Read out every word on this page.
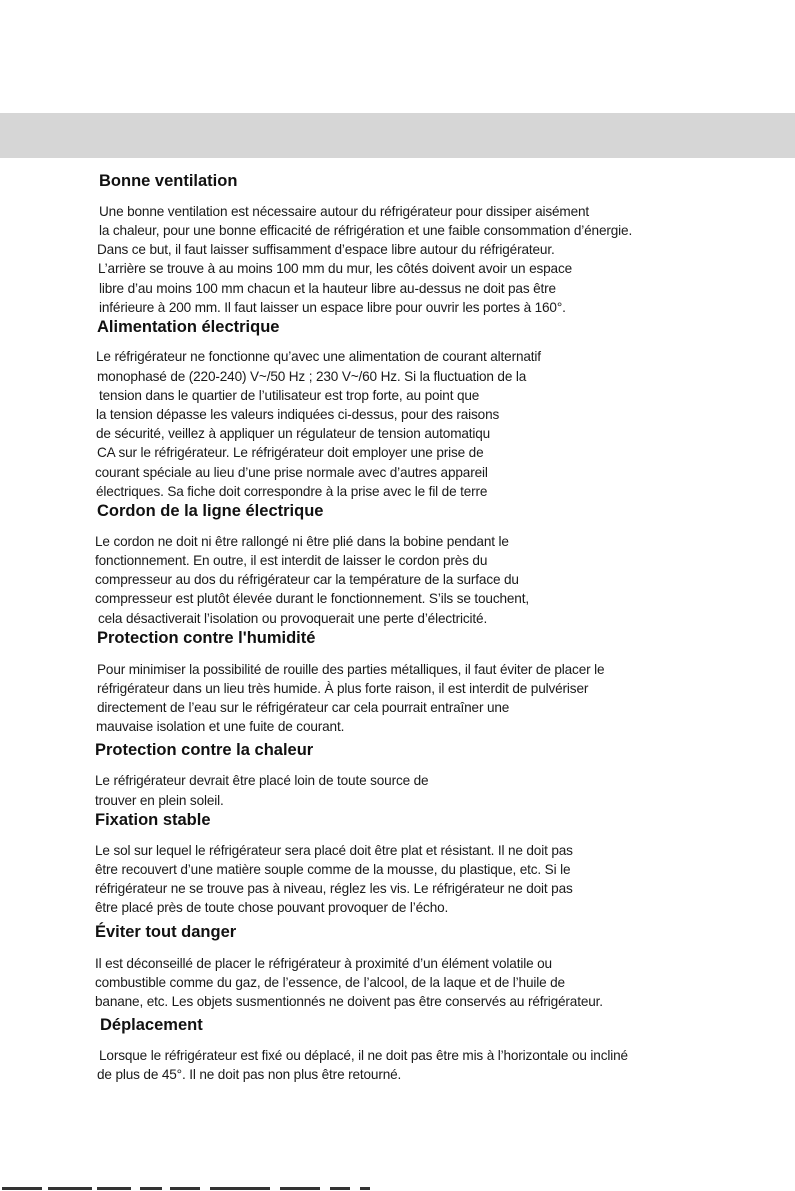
Bonne ventilation
Une bonne ventilation est nécessaire autour du réfrigérateur pour dissiper aisément
la chaleur, pour une bonne efficacité de réfrigération et une faible consommation d’énergie.
Dans ce but, il faut laisser suffisamment d’espace libre autour du réfrigérateur.
L’arrière se trouve à au moins 100 mm du mur, les côtés doivent avoir un espace
libre d’au moins 100 mm chacun et la hauteur libre au-dessus ne doit pas être
inférieure à 200 mm. Il faut laisser un espace libre pour ouvrir les portes à 160°.
Alimentation électrique
Le réfrigérateur ne fonctionne qu’avec une alimentation de courant alternatif
monophasé de (220-240) V~/50 Hz ; 230 V~/60 Hz. Si la fluctuation de la
tension dans le quartier de l’utilisateur est trop forte, au point que
la tension dépasse les valeurs indiquées ci-dessus, pour des raisons
de sécurité, veillez à appliquer un régulateur de tension automatiqu
CA sur le réfrigérateur. Le réfrigérateur doit employer une prise de
courant spéciale au lieu d’une prise normale avec d’autres appareil
électriques. Sa fiche doit correspondre à la prise avec le fil de terre
Cordon de la ligne électrique
Le cordon ne doit ni être rallongé ni être plié dans la bobine pendant le
fonctionnement. En outre, il est interdit de laisser le cordon près du
compresseur au dos du réfrigérateur car la température de la surface du
compresseur est plutôt élevée durant le fonctionnement. S’ils se touchent,
cela désactiverait l’isolation ou provoquerait une perte d’électricité.
Protection contre l'humidité
Pour minimiser la possibilité de rouille des parties métalliques, il faut éviter de placer le
réfrigérateur dans un lieu très humide. À plus forte raison, il est interdit de pulvériser
directement de l’eau sur le réfrigérateur car cela pourrait entraîner une
mauvaise isolation et une fuite de courant.
Protection contre la chaleur
Le réfrigérateur devrait être placé loin de toute source de
trouver en plein soleil.
Fixation stable
Le sol sur lequel le réfrigérateur sera placé doit être plat et résistant. Il ne doit pas
être recouvert d’une matière souple comme de la mousse, du plastique, etc. Si le
réfrigérateur ne se trouve pas à niveau, réglez les vis. Le réfrigérateur ne doit pas
être placé près de toute chose pouvant provoquer de l’écho.
Éviter tout danger
Il est déconseillé de placer le réfrigérateur à proximité d’un élément volatile ou
combustible comme du gaz, de l’essence, de l’alcool, de la laque et de l’huile de
banane, etc. Les objets susmentionnés ne doivent pas être conservés au réfrigérateur.
Déplacement
Lorsque le réfrigérateur est fixé ou déplacé, il ne doit pas être mis à l’horizontale ou incliné
de plus de 45°. Il ne doit pas non plus être retourné.
